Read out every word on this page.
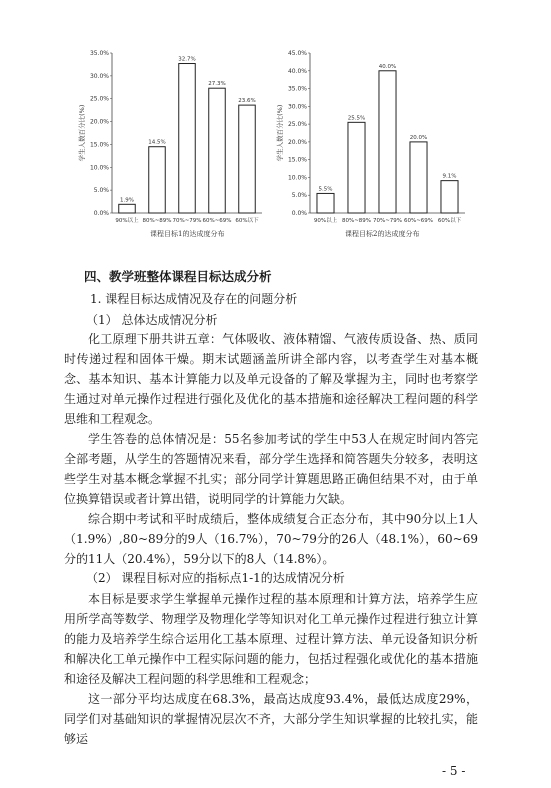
0.0%
5.0%
10.0%
15.0%
20.0%
25.0%
30.0%
35.0%
学生人数百分比(%)
1.9%
90%以上
14.5%
80%~89%
32.7%
70%~79%
27.3%
60%~69%
23.6%
60%以下
课程目标1的达成度分布
0.0%
5.0%
10.0%
15.0%
20.0%
25.0%
30.0%
35.0%
40.0%
45.0%
学生人数百分比(%)
5.5%
90%以上
25.5%
80%~89%
40.0%
70%~79%
20.0%
60%~69%
9.1%
60%以下
课程目标2的达成度分布
四、教学班整体课程目标达成分析
1. 课程目标达成情况及存在的问题分析
（1） 总体达成情况分析

化工原理下册共讲五章：气体吸收、液体精馏、气液传质设备、热、质同时传递过程和固体干燥。期末试题涵盖所讲全部内容，以考查学生对基本概念、基本知识、基本计算能力以及单元设备的了解及掌握为主，同时也考察学生通过对单元操作过程进行强化及优化的基本措施和途径解决工程问题的科学思维和工程观念。

学生答卷的总体情况是：55名参加考试的学生中53人在规定时间内答完全部考题，从学生的答题情况来看，部分学生选择和简答题失分较多，表明这些学生对基本概念掌握不扎实；部分同学计算题思路正确但结果不对，由于单位换算错误或者计算出错，说明同学的计算能力欠缺。

综合期中考试和平时成绩后，整体成绩复合正态分布，其中90分以上1人（1.9%）,80~89分的9人（16.7%），70~79分的26人（48.1%），60~69分的11人（20.4%），59分以下的8人（14.8%）。

（2） 课程目标对应的指标点1-1的达成情况分析

本目标是要求学生掌握单元操作过程的基本原理和计算方法，培养学生应用所学高等数学、物理学及物理化学等知识对化工单元操作过程进行独立计算的能力及培养学生综合运用化工基本原理、过程计算方法、单元设备知识分析和解决化工单元操作中工程实际问题的能力，包括过程强化或优化的基本措施和途径及解决工程问题的科学思维和工程观念；

这一部分平均达成度在68.3%，最高达成度93.4%，最低达成度29%，同学们对基础知识的掌握情况层次不齐，大部分学生知识掌握的比较扎实，能够运

- 5 -
